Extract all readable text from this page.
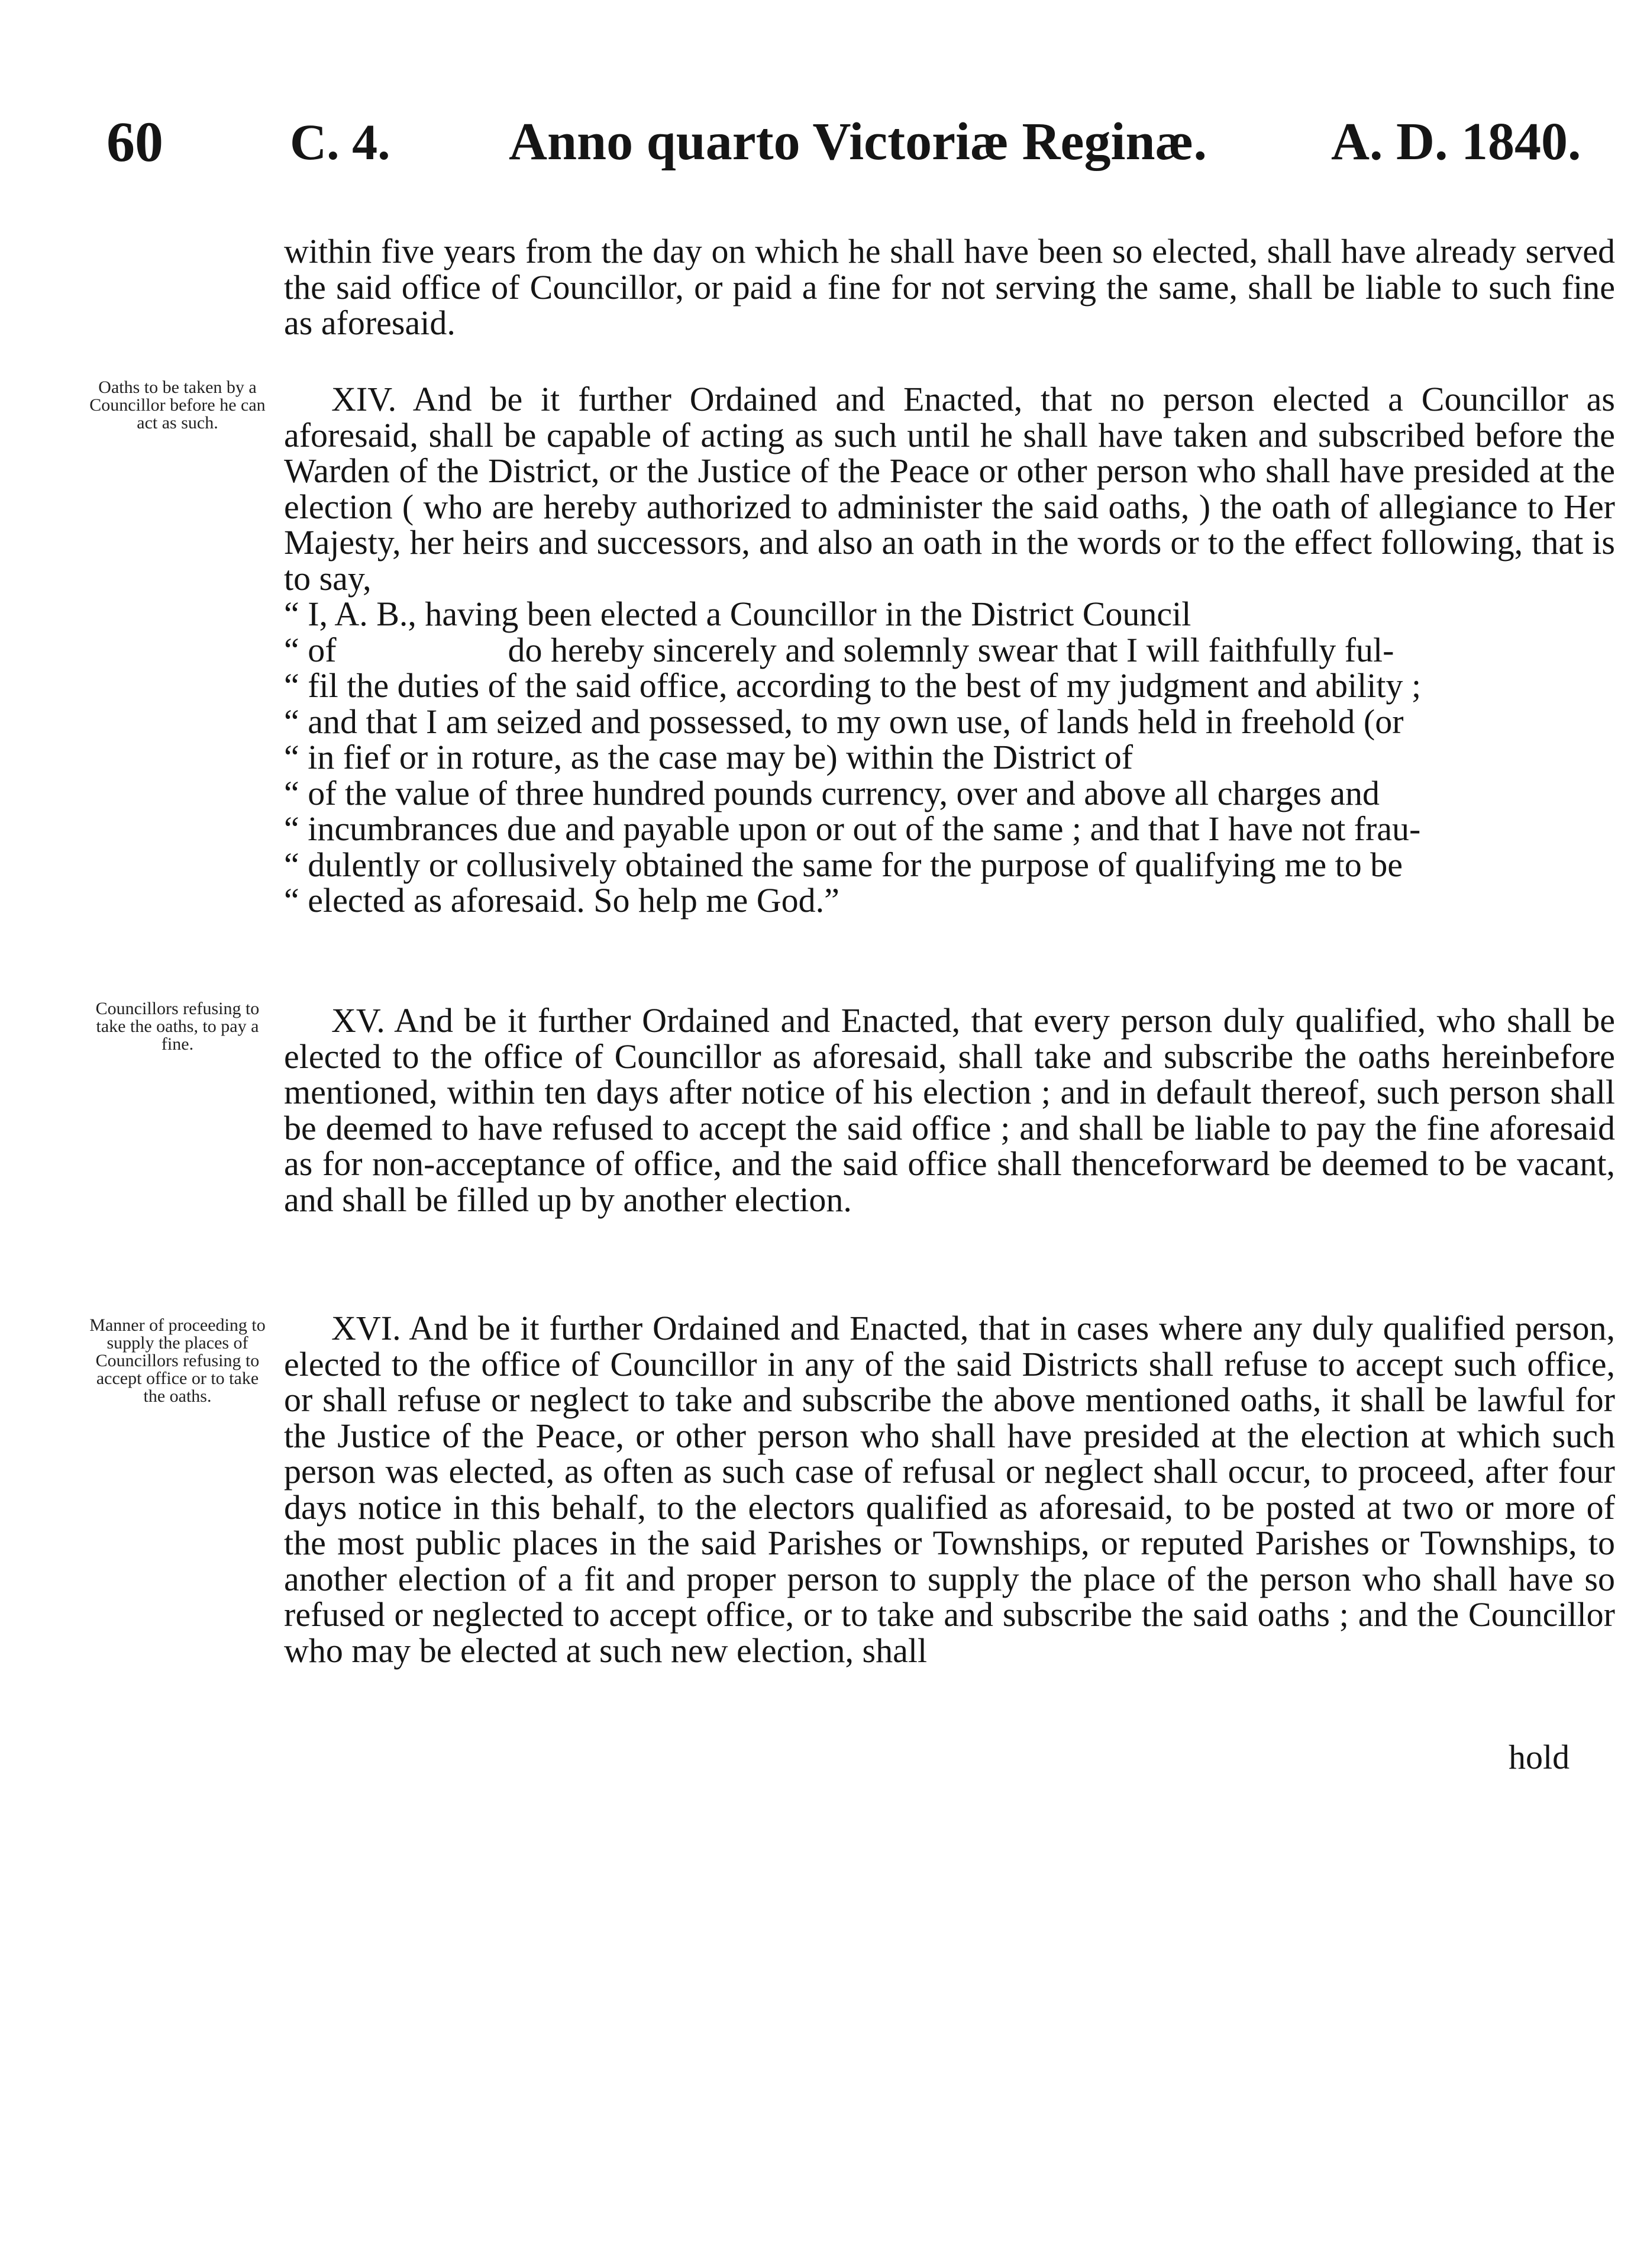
60 C. 4. Anno quarto Victoriæ Reginæ. A. D. 1840.

within five years from the day on which he shall have been so elected, shall have already served the said office of Councillor, or paid a fine for not serving the same, shall be liable to such fine as aforesaid.

Oaths to be taken by a Councillor before he can act as such.

XIV. And be it further Ordained and Enacted, that no person elected a Councillor as aforesaid, shall be capable of acting as such until he shall have taken and subscribed before the Warden of the District, or the Justice of the Peace or other person who shall have presided at the election ( who are hereby authorized to administer the said oaths, ) the oath of allegiance to Her Majesty, her heirs and successors, and also an oath in the words or to the effect following, that is to say,

“ I, A. B., having been elected a Councillor in the District Council
“ of                    do hereby sincerely and solemnly swear that I will faithfully ful-
“ fil the duties of the said office, according to the best of my judgment and ability ;
“ and that I am seized and possessed, to my own use, of lands held in freehold (or
“ in fief or in roture, as the case may be) within the District of
“ of the value of three hundred pounds currency, over and above all charges and
“ incumbrances due and payable upon or out of the same ; and that I have not frau-
“ dulently or collusively obtained the same for the purpose of qualifying me to be
“ elected as aforesaid. So help me God.”
Councillors refusing to take the oaths, to pay a fine.

XV. And be it further Ordained and Enacted, that every person duly qualified, who shall be elected to the office of Councillor as aforesaid, shall take and subscribe the oaths hereinbefore mentioned, within ten days after notice of his election ; and in default thereof, such person shall be deemed to have refused to accept the said office ; and shall be liable to pay the fine aforesaid as for non-acceptance of office, and the said office shall thenceforward be deemed to be vacant, and shall be filled up by another election.

Manner of proceeding to supply the places of Councillors refusing to accept office or to take the oaths.

XVI. And be it further Ordained and Enacted, that in cases where any duly qualified person, elected to the office of Councillor in any of the said Districts shall refuse to accept such office, or shall refuse or neglect to take and subscribe the above mentioned oaths, it shall be lawful for the Justice of the Peace, or other person who shall have presided at the election at which such person was elected, as often as such case of refusal or neglect shall occur, to proceed, after four days notice in this behalf, to the electors qualified as aforesaid, to be posted at two or more of the most public places in the said Parishes or Townships, or reputed Parishes or Townships, to another election of a fit and proper person to supply the place of the person who shall have so refused or neglected to accept office, or to take and subscribe the said oaths ; and the Councillor who may be elected at such new election, shall

hold
